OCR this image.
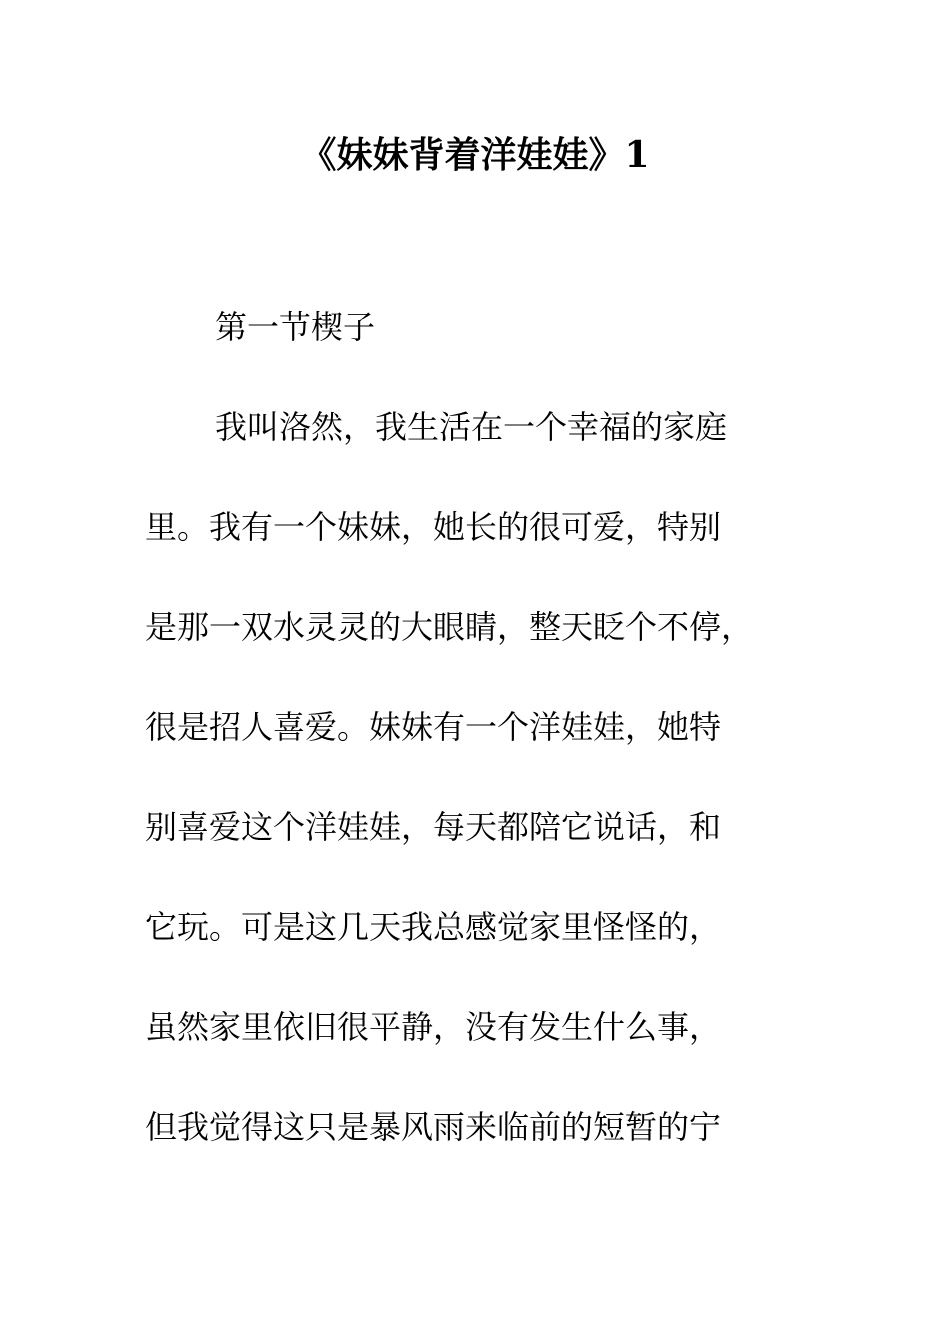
《妹妹背着洋娃娃》1
第一节楔子
我叫洛然，我生活在一个幸福的家庭
里。我有一个妹妹，她长的很可爱，特别
是那一双水灵灵的大眼睛，整天眨个不停，
很是招人喜爱。妹妹有一个洋娃娃，她特
别喜爱这个洋娃娃，每天都陪它说话，和
它玩。可是这几天我总感觉家里怪怪的，
虽然家里依旧很平静，没有发生什么事，
但我觉得这只是暴风雨来临前的短暂的宁
